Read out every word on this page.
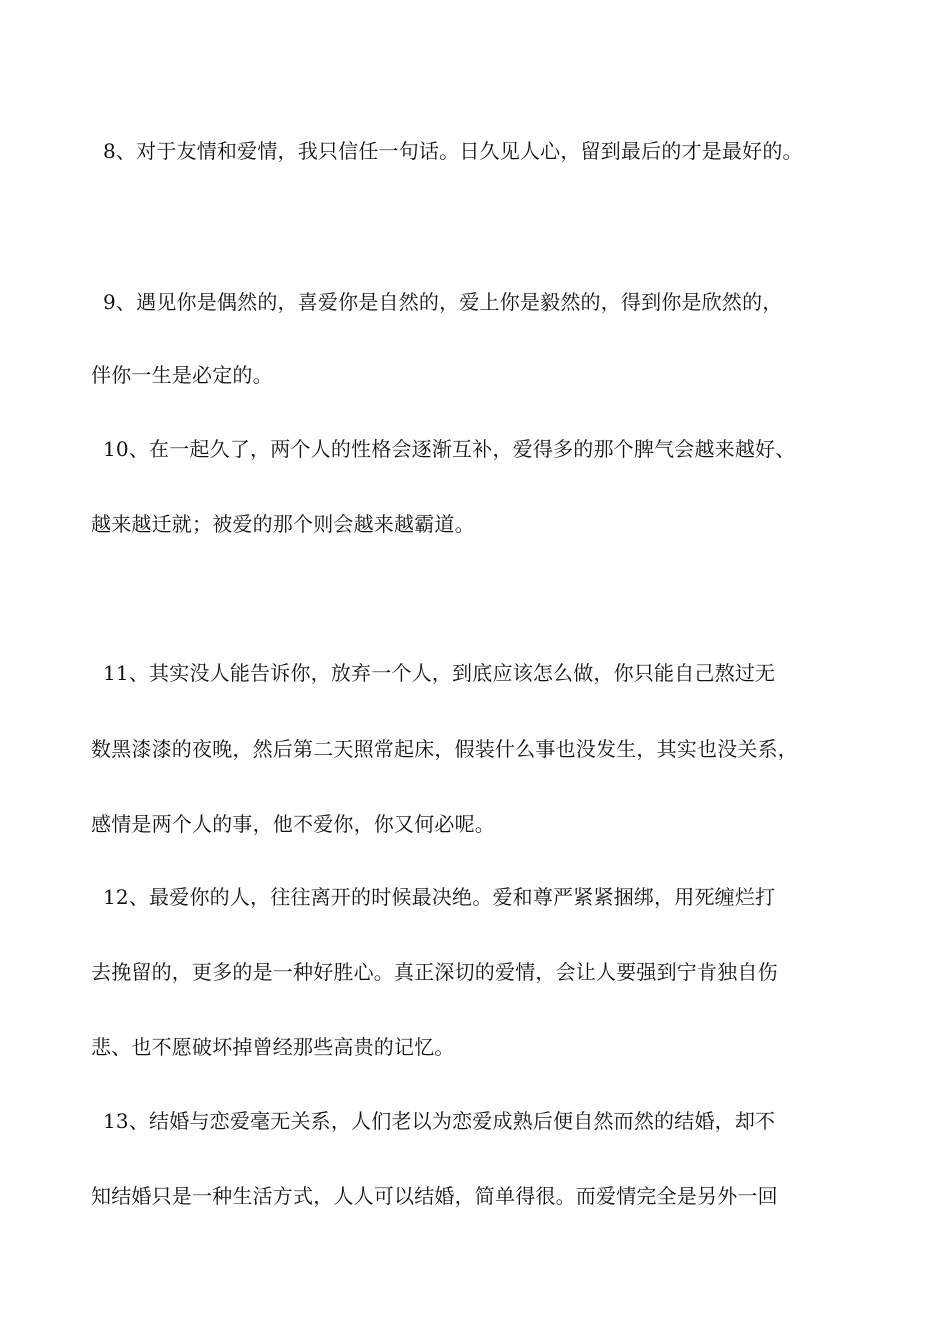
8、对于友情和爱情，我只信任一句话。日久见人心，留到最后的才是最好的。
9、遇见你是偶然的，喜爱你是自然的，爱上你是毅然的，得到你是欣然的，
伴你一生是必定的。
10、在一起久了，两个人的性格会逐渐互补，爱得多的那个脾气会越来越好、
越来越迁就；被爱的那个则会越来越霸道。
11、其实没人能告诉你，放弃一个人，到底应该怎么做，你只能自己熬过无
数黑漆漆的夜晚，然后第二天照常起床，假装什么事也没发生，其实也没关系，
感情是两个人的事，他不爱你，你又何必呢。
12、最爱你的人，往往离开的时候最决绝。爱和尊严紧紧捆绑，用死缠烂打
去挽留的，更多的是一种好胜心。真正深切的爱情，会让人要强到宁肯独自伤
悲、也不愿破坏掉曾经那些高贵的记忆。
13、结婚与恋爱毫无关系，人们老以为恋爱成熟后便自然而然的结婚，却不
知结婚只是一种生活方式，人人可以结婚，简单得很。而爱情完全是另外一回
